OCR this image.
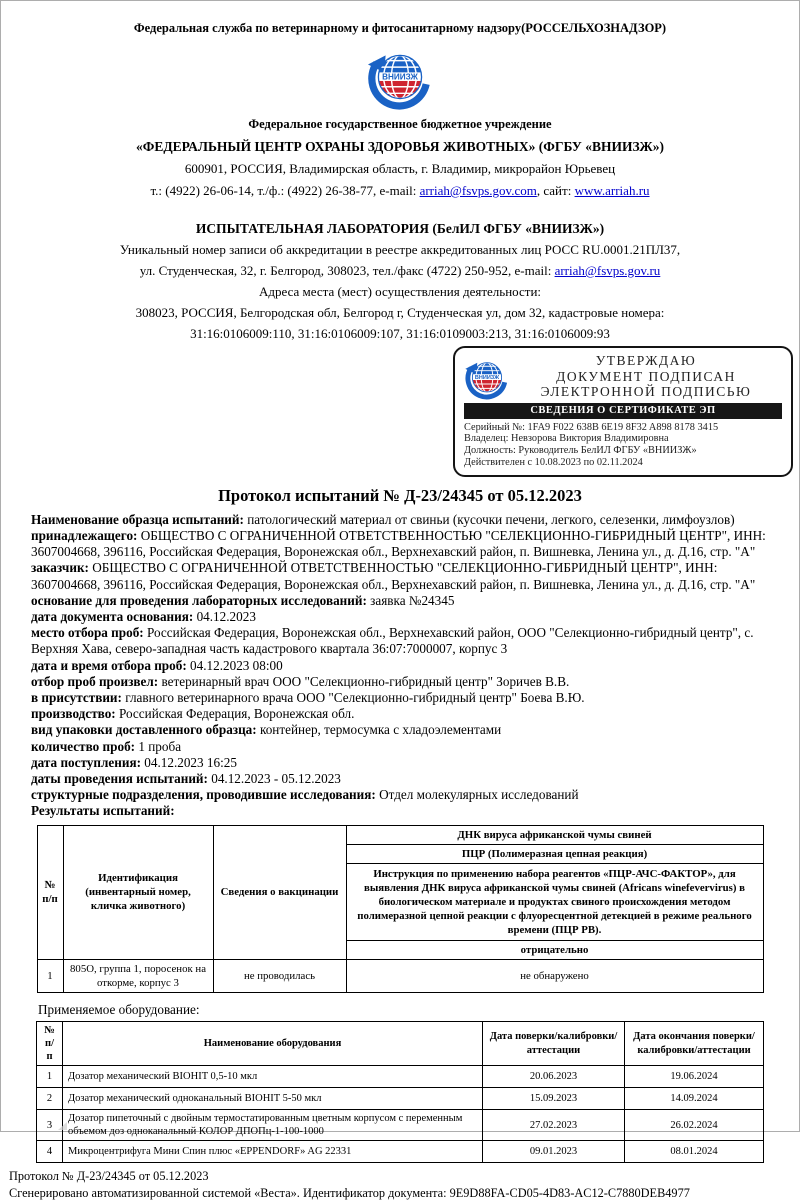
Федеральная служба по ветеринарному и фитосанитарному надзору(РОССЕЛЬХОЗНАДЗОР)
ВНИИЗЖ
Федеральное государственное бюджетное учреждение
«ФЕДЕРАЛЬНЫЙ ЦЕНТР ОХРАНЫ ЗДОРОВЬЯ ЖИВОТНЫХ» (ФГБУ «ВНИИЗЖ»)
600901, РОССИЯ, Владимирская область, г. Владимир, микрорайон Юрьевец
т.: (4922) 26-06-14, т./ф.: (4922) 26-38-77, e-mail: arriah@fsvps.gov.com, сайт: www.arriah.ru
ИСПЫТАТЕЛЬНАЯ ЛАБОРАТОРИЯ (БелИЛ ФГБУ «ВНИИЗЖ»)
Уникальный номер записи об аккредитации в реестре аккредитованных лиц РОСС RU.0001.21ПЛ37,
ул. Студенческая, 32, г. Белгород, 308023, тел./факс (4722) 250-952, e-mail: arriah@fsvps.gov.ru
Адреса места (мест) осуществления деятельности:
308023, РОССИЯ, Белгородская обл, Белгород г, Студенческая ул, дом 32, кадастровые номера:
31:16:0106009:110, 31:16:0106009:107, 31:16:0109003:213, 31:16:0106009:93
ВНИИЗЖ
УТВЕРЖДАЮ
ДОКУМЕНТ ПОДПИСАН
ЭЛЕКТРОННОЙ ПОДПИСЬЮ
СВЕДЕНИЯ О СЕРТИФИКАТЕ ЭП
Серийный №: 1FA9 F022 638B 6E19 8F32 A898 8178 3415
Владелец: Невзорова Виктория Владимировна
Должность: Руководитель БелИЛ ФГБУ «ВНИИЗЖ»
Действителен с 10.08.2023 по 02.11.2024
Протокол испытаний № Д-23/24345 от 05.12.2023

Наименование образца испытаний: патологический материал от свиньи (кусочки печени, легкого, селезенки, лимфоузлов)

принадлежащего: ОБЩЕСТВО С ОГРАНИЧЕННОЙ ОТВЕТСТВЕННОСТЬЮ "СЕЛЕКЦИОННО-ГИБРИДНЫЙ ЦЕНТР", ИНН: 3607004668, 396116, Российская Федерация, Воронежская обл., Верхнехавский район, п. Вишневка, Ленина ул., д. Д.16, стр. "А"

заказчик: ОБЩЕСТВО С ОГРАНИЧЕННОЙ ОТВЕТСТВЕННОСТЬЮ "СЕЛЕКЦИОННО-ГИБРИДНЫЙ ЦЕНТР", ИНН: 3607004668, 396116, Российская Федерация, Воронежская обл., Верхнехавский район, п. Вишневка, Ленина ул., д. Д.16, стр. "А"

основание для проведения лабораторных исследований: заявка №24345

дата документа основания: 04.12.2023

место отбора проб: Российская Федерация, Воронежская обл., Верхнехавский район, ООО "Селекционно-гибридный центр", с. Верхняя Хава, северо-западная часть кадастрового квартала 36:07:7000007, корпус 3

дата и время отбора проб: 04.12.2023 08:00

отбор проб произвел: ветеринарный врач ООО "Селекционно-гибридный центр" Зоричев В.В.

в присутствии: главного ветеринарного врача ООО "Селекционно-гибридный центр" Боева В.Ю.

производство: Российская Федерация, Воронежская обл.

вид упаковки доставленного образца: контейнер, термосумка с хладоэлементами

количество проб: 1 проба

дата поступления: 04.12.2023 16:25

даты проведения испытаний: 04.12.2023 - 05.12.2023

структурные подразделения, проводившие исследования: Отдел молекулярных исследований

Результаты испытаний:

№ п/п	Идентификация (инвентарный номер, кличка животного)	Сведения о вакцинации	ДНК вируса африканской чумы свиней
			ПЦР (Полимеразная цепная реакция)
			Инструкция по применению набора реагентов «ПЦР-АЧС-ФАКТОР», для выявления ДНК вируса африканской чумы свиней (Africans winefevervirus) в биологическом материале и продуктах свиного происхождения методом полимеразной цепной реакции с флуоресцентной детекцией в режиме реального времени (ПЦР РВ).
			отрицательно
1	805О, группа 1, поросенок на откорме, корпус 3	не проводилась	не обнаружено
Применяемое оборудование:
№ п/п	Наименование оборудования	Дата поверки/калибровки/аттестации	Дата окончания поверки/калибровки/аттестации
1	Дозатор механический BIOHIT 0,5-10 мкл	20.06.2023	19.06.2024
2	Дозатор механический одноканальный BIOHIT 5-50 мкл	15.09.2023	14.09.2024
3	Дозатор пипеточный с двойным термостатированным цветным корпусом с переменным объемом доз одноканальный КОЛОР ДПОПц-1-100-1000	27.02.2023	26.02.2024
4	Микроцентрифуга Мини Спин плюс «EPPENDORF» AG 22331	09.01.2023	08.01.2024
Протокол № Д-23/24345 от 05.12.2023
Сгенерировано автоматизированной системой «Веста». Идентификатор документа: 9E9D88FA-CD05-4D83-AC12-C7880DEB4977
